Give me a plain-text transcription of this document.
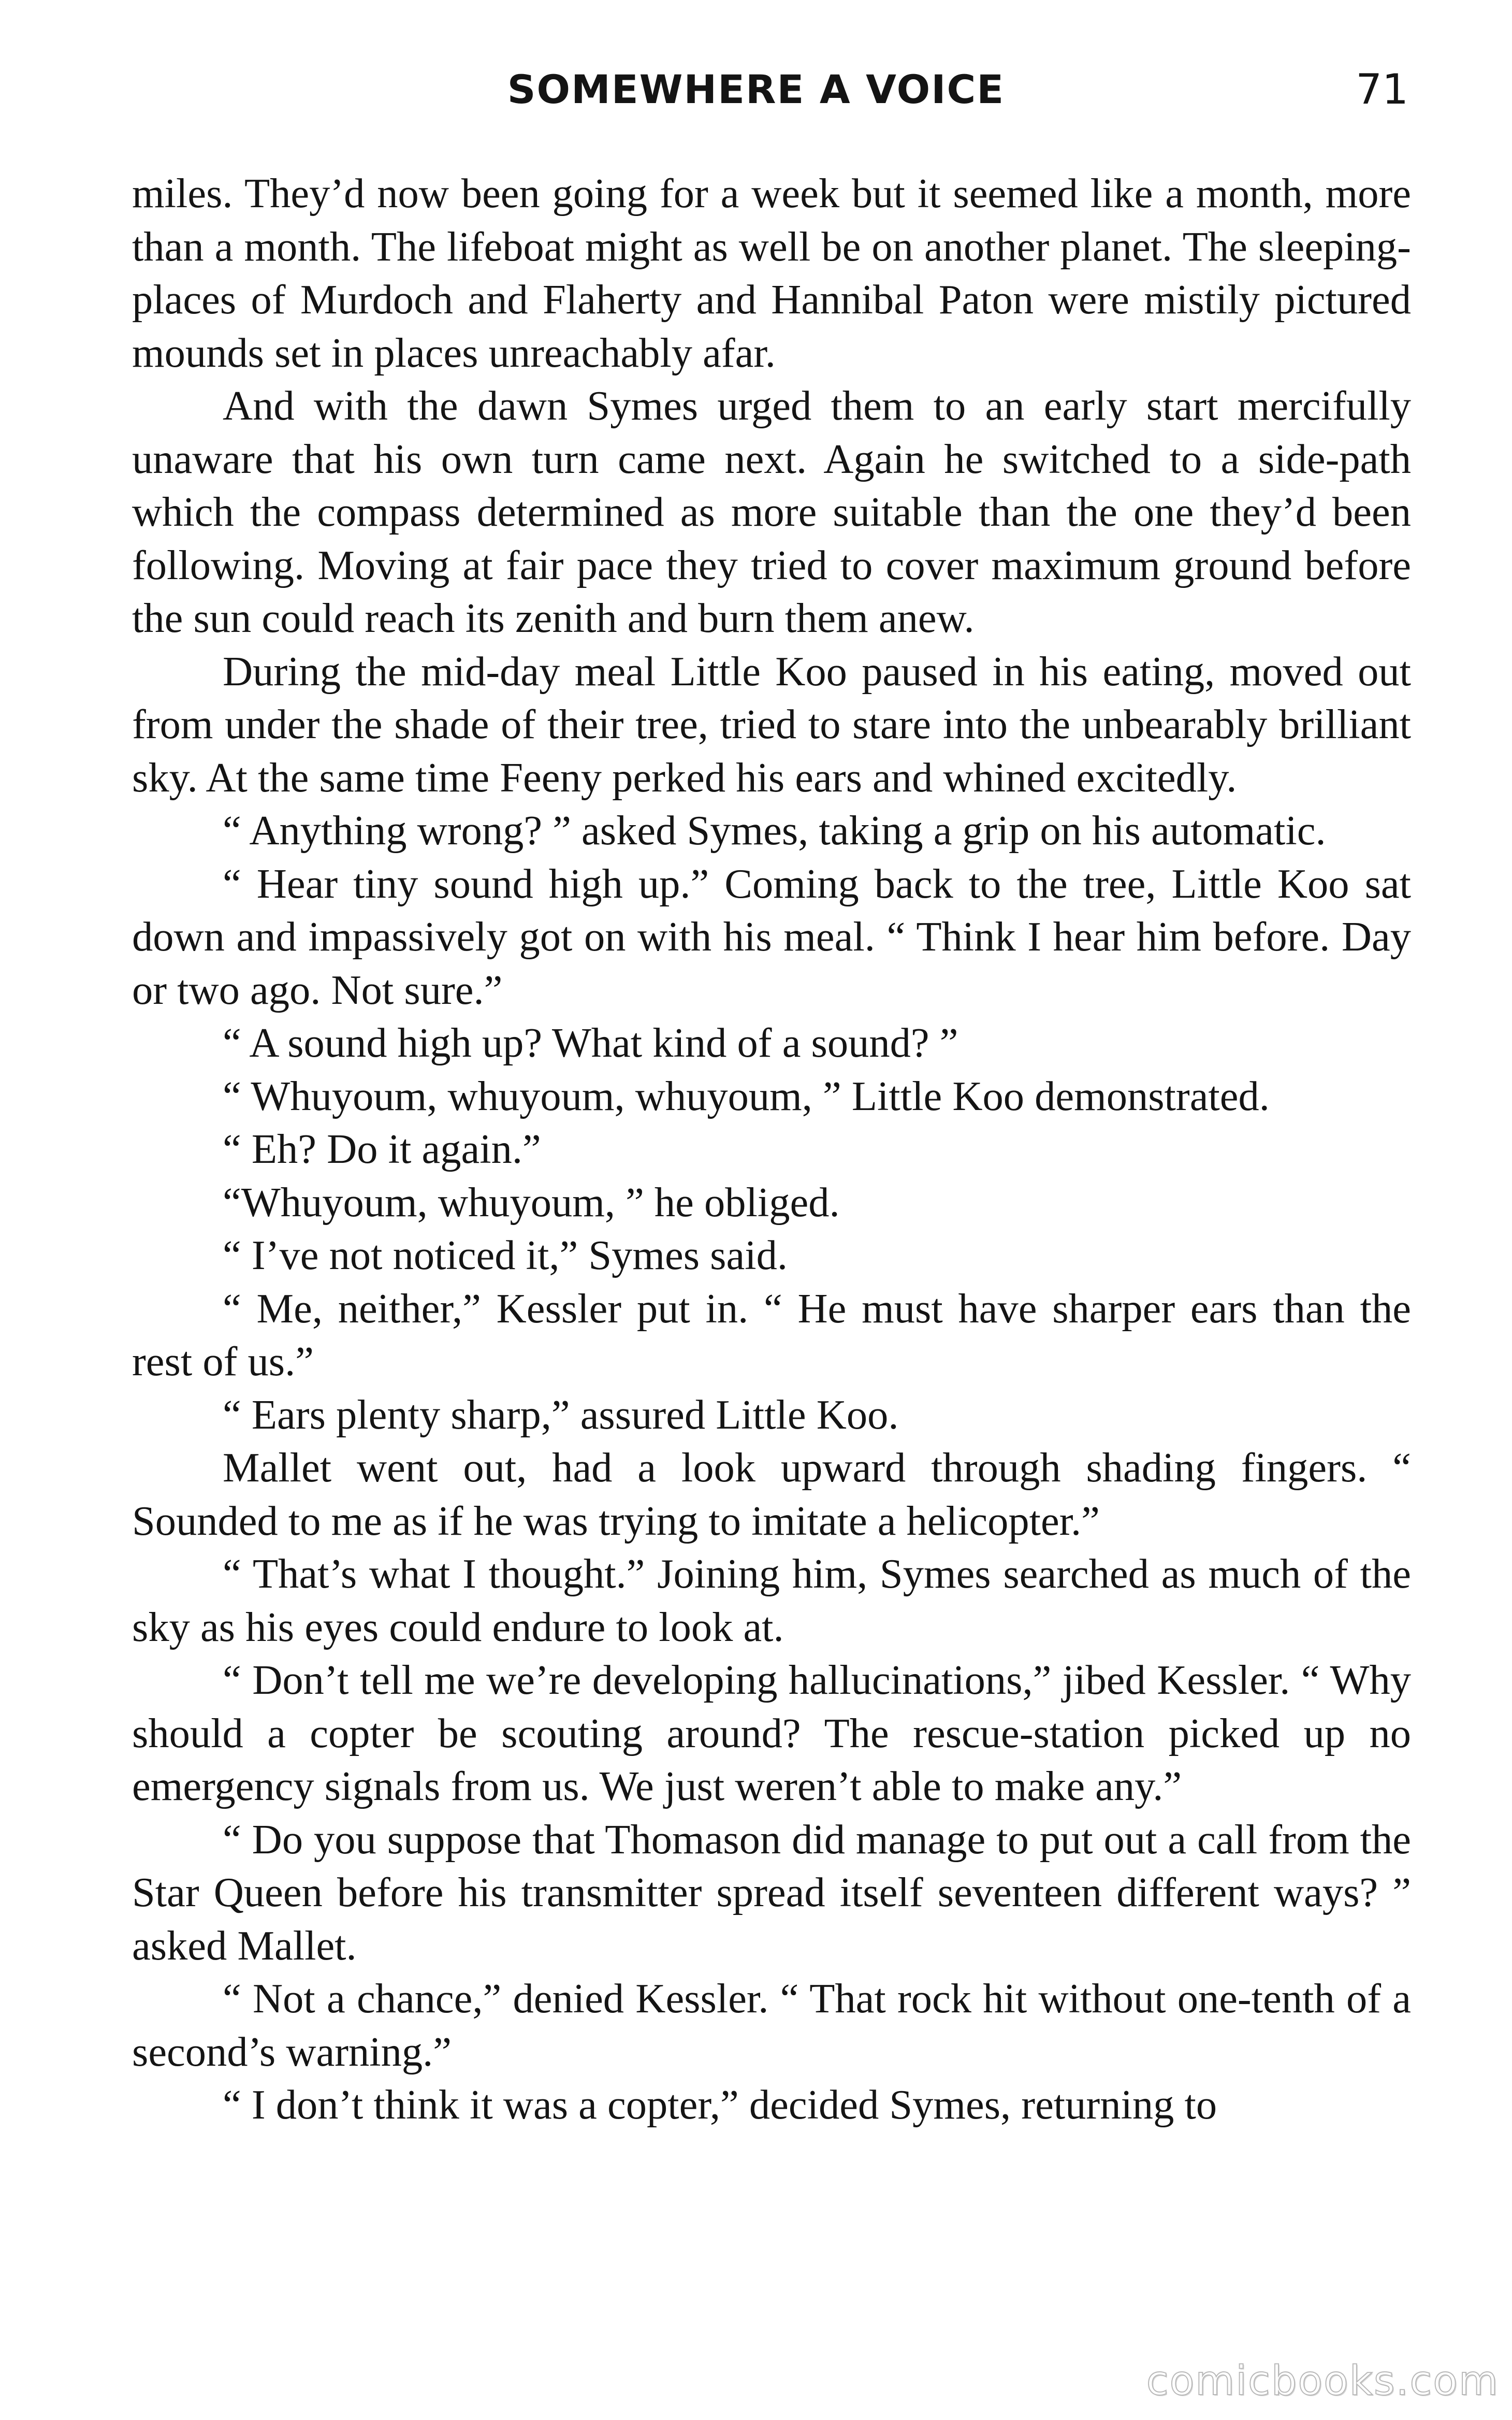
SOMEWHERE A VOICE	71

miles. They’d now been going for a week but it seemed like a month, more than a month. The lifeboat might as well be on another planet. The sleeping-places of Murdoch and Flaherty and Hannibal Paton were mistily pictured mounds set in places unreachably afar.

And with the dawn Symes urged them to an early start mercifully unaware that his own turn came next. Again he switched to a side-path which the compass determined as more suitable than the one they’d been following. Moving at fair pace they tried to cover maximum ground before the sun could reach its zenith and burn them anew.

During the mid-day meal Little Koo paused in his eating, moved out from under the shade of their tree, tried to stare into the unbearably brilliant sky. At the same time Feeny perked his ears and whined excitedly.

“ Anything wrong? ” asked Symes, taking a grip on his automatic.

“ Hear tiny sound high up.” Coming back to the tree, Little Koo sat down and impassively got on with his meal. “ Think I hear him before. Day or two ago. Not sure.”

“ A sound high up? What kind of a sound? ”

“ Whuyoum, whuyoum, whuyoum, ” Little Koo demonstrated.

“ Eh? Do it again.”

“Whuyoum, whuyoum, ” he obliged.

“ I’ve not noticed it,” Symes said.

“ Me, neither,” Kessler put in. “ He must have sharper ears than the rest of us.”

“ Ears plenty sharp,” assured Little Koo.

Mallet went out, had a look upward through shading fingers. “ Sounded to me as if he was trying to imitate a helicopter.”

“ That’s what I thought.” Joining him, Symes searched as much of the sky as his eyes could endure to look at.

“ Don’t tell me we’re developing hallucinations,” jibed Kessler. “ Why should a copter be scouting around? The rescue-station picked up no emergency signals from us. We just weren’t able to make any.”

“ Do you suppose that Thomason did manage to put out a call from the Star Queen before his transmitter spread itself seventeen different ways? ” asked Mallet.

“ Not a chance,” denied Kessler. “ That rock hit without one-tenth of a second’s warning.”

“ I don’t think it was a copter,” decided Symes, returning to

comicbooks.com
